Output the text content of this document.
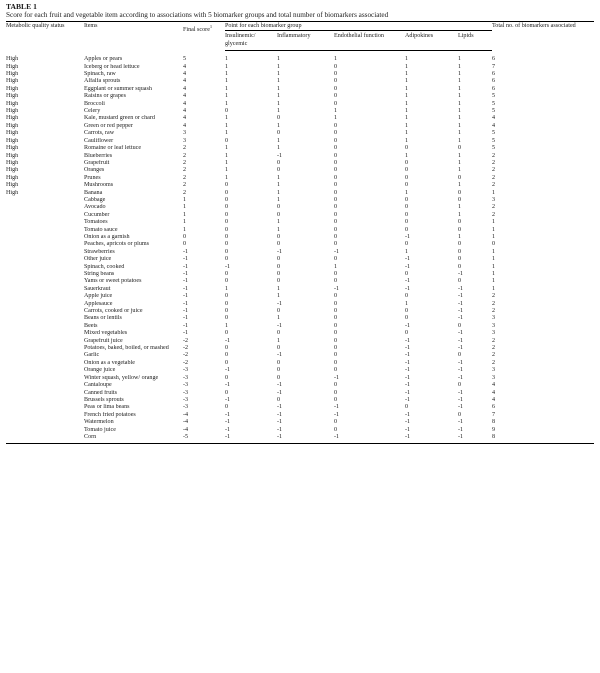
TABLE 1
Score for each fruit and vegetable item according to associations with 5 biomarker groups and total number of biomarkers associated
Metabolic quality status	Items	Final score$^1$	Point for each biomarker group					Total no. of biomarkers associated
			Insulinemic/ glycemic	Inflammatory	Endothelial function	Adipokines	Lipids	
High	Apples or pears	5	1	1	1	1	1	6
High	Iceberg or head lettuce	4	1	1	0	1	1	7
High	Spinach, raw	4	1	1	0	1	1	6
High	Alfalfa sprouts	4	1	1	0	1	1	6
High	Eggplant or summer squash	4	1	1	0	1	1	6
High	Raisins or grapes	4	1	1	0	1	1	5
High	Broccoli	4	1	1	0	1	1	5
High	Celery	4	0	1	1	1	1	5
High	Kale, mustard green or chard	4	1	0	1	1	1	4
High	Green or red pepper	4	1	1	0	1	1	4
High	Carrots, raw	3	1	0	0	1	1	5
High	Cauliflower	3	0	1	0	1	1	5
High	Romaine or leaf lettuce	2	1	1	0	0	0	5
High	Blueberries	2	1	-1	0	1	1	2
High	Grapefruit	2	1	0	0	0	1	2
High	Oranges	2	1	0	0	0	1	2
High	Prunes	2	1	1	0	0	0	2
High	Mushrooms	2	0	1	0	0	1	2
High	Banana	2	0	1	0	1	0	1
	Cabbage	1	0	1	0	0	0	3
	Avocado	1	0	0	0	0	1	2
	Cucumber	1	0	0	0	0	1	2
	Tomatoes	1	0	1	0	0	0	1
	Tomato sauce	1	0	1	0	0	0	1
	Onion as a garnish	0	0	0	0	-1	1	1
	Peaches, apricots or plums	0	0	0	0	0	0	0
	Strawberries	-1	0	-1	-1	1	0	1
	Other juice	-1	0	0	0	-1	0	1
	Spinach, cooked	-1	-1	0	1	-1	0	1
	String beans	-1	0	0	0	0	-1	1
	Yams or sweet potatoes	-1	0	0	0	-1	0	1
	Sauerkraut	-1	1	1	-1	-1	-1	1
	Apple juice	-1	0	1	0	0	-1	2
	Applesauce	-1	0	-1	0	1	-1	2
	Carrots, cooked or juice	-1	0	0	0	0	-1	2
	Beans or lentils	-1	0	1	0	0	-1	3
	Beets	-1	1	-1	0	-1	0	3
	Mixed vegetables	-1	0	0	0	0	-1	3
	Grapefruit juice	-2	-1	1	0	-1	-1	2
	Potatoes, baked, boiled, or mashed	-2	0	0	0	-1	-1	2
	Garlic	-2	0	-1	0	-1	0	2
	Onion as a vegetable	-2	0	0	0	-1	-1	2
	Orange juice	-3	-1	0	0	-1	-1	3
	Winter squash, yellow/ orange	-3	0	0	-1	-1	-1	3
	Cantaloupe	-3	-1	-1	0	-1	0	4
	Canned fruits	-3	0	-1	0	-1	-1	4
	Brussels sprouts	-3	-1	0	0	-1	-1	4
	Peas or lima beans	-3	0	-1	-1	0	-1	6
	French fried potatoes	-4	-1	-1	-1	-1	0	7
	Watermelon	-4	-1	-1	0	-1	-1	8
	Tomato juice	-4	-1	-1	0	-1	-1	9
	Corn	-5	-1	-1	-1	-1	-1	8
